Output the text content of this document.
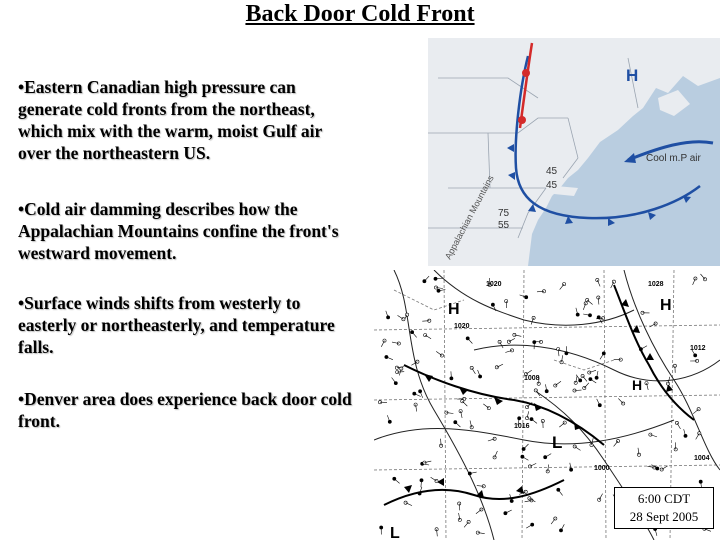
Back Door Cold Front
•Eastern Canadian high pressure can generate cold fronts from the northeast, which mix with the warm, moist Gulf air over the northeastern US.
•Cold air damming describes how the Appalachian Mountains confine the front's westward movement.
•Surface winds shifts from westerly to easterly or northeasterly, and temperature falls.
•Denver area does experience back door cold front.
H
Cool m.P air
45
45
75
55
Appalachian Mountains
H	H
H
L
L
1020	1028
1020
1012
1016
1008
1000
1004
6:00 CDT
28 Sept 2005
